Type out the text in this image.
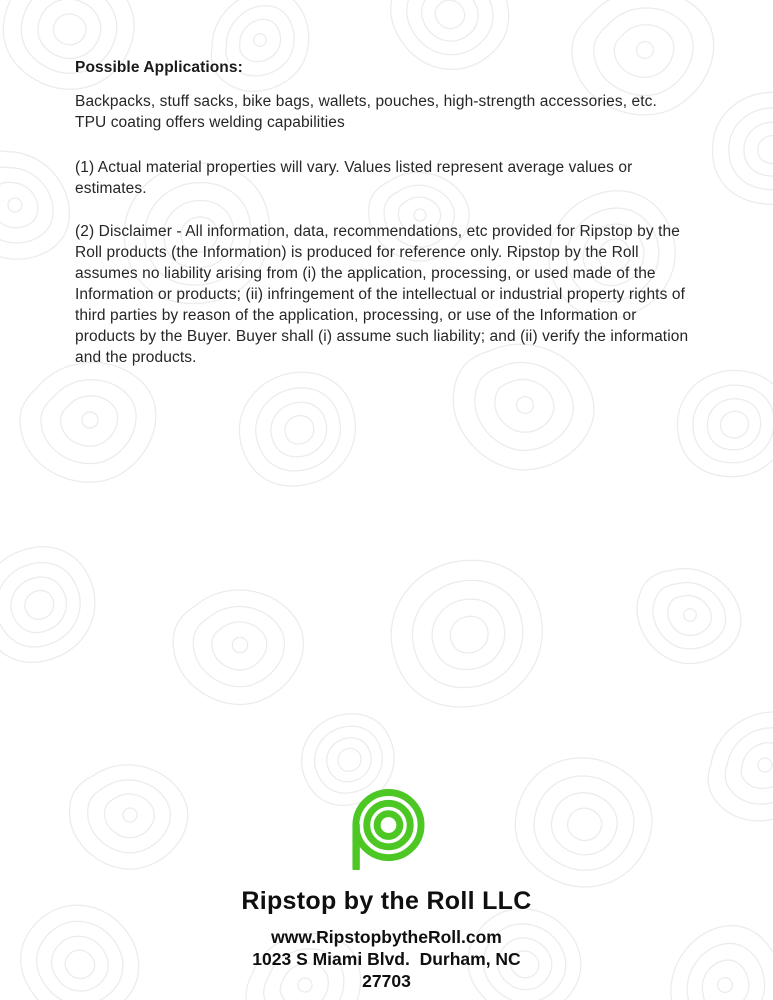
Possible Applications:

Backpacks, stuff sacks, bike bags, wallets, pouches, high-strength accessories, etc.

TPU coating offers welding capabilities

(1) Actual material properties will vary. Values listed represent average values or estimates.

(2) Disclaimer - All information, data, recommendations, etc provided for Ripstop by the Roll products (the Information) is produced for reference only. Ripstop by the Roll assumes no liability arising from (i) the application, processing, or used made of the Information or products; (ii) infringement of the intellectual or industrial property rights of third parties by reason of the application, processing, or use of the Information or products by the Buyer. Buyer shall (i) assume such liability; and (ii) verify the information and the products.

Ripstop by the Roll LLC
www.RipstopbytheRoll.com
1023 S Miami Blvd.  Durham, NC
27703
